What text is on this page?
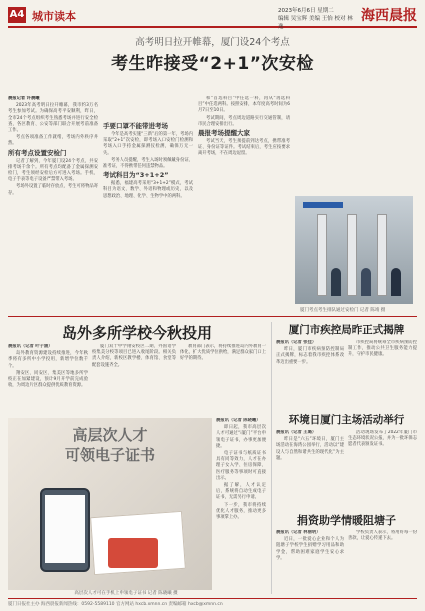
A4 城市读本	2023年6月6日 星期二
编辑 吴宝辉 美编 王怡 校对 林逸
海西晨报
高考明日拉开帷幕，厦门设24个考点
考生昨接受“2+1”次安检

晨报记者 许晨曦

2023年高考明日拉开帷幕，我市约3万名考生参加考试。为确保高考平安顺利，昨日，全市24个考点组织考生熟悉考场并进行安全检查，各区教育、公安等部门联合开展考前准备工作。

考点各项准备工作就绪，考场内外秩序井然。

所有考点设置安检门

记者了解到，今年厦门设24个考点，共安排考场千余个。所有考点均配备了金属探测安检门，考生须经安检后方可进入考场。手机、电子手表等电子设备严禁带入考场。

考场外设置了临时存放点，考生可将物品寄存。

手要口罩不能带进考场

今年是高考实施“三新”后的第一年，考场内采取“2+1”次安检，即考场入口安检门检测和考场入口手持金属探测仪检测，确保万无一失。

考务人员提醒，考生入场时须佩戴身份证、准考证，不得携带任何违禁物品。

考试科目为“3+1+2”

据悉，福建高考采用“3+1+2”模式，考试科目为语文、数学、外语和物理或历史，以及思想政治、地理、化学、生物学中的两科。

和“首选科目”中任选一科，再从“再选科目”中任选两科。按照安排，本年度高考时间为6月7日至10日。

考试期间，考点周边道路实行交通管制，请市民合理安排出行。

晨报考场提醒大家

考试当天，考生须提前到达考点，携带准考证、身份证等证件。考试结束后，考生应按要求离开考场，不在周边逗留。

厦门考点考生排队通过安检门 记者 陈靖 摄
岛外多所学校今秋投用

晨报讯（记者 叶子涵）

岛外教育资源建设持续推进，今年秋季将有多所中小学投用，新增学位数千个。

翔安区、同安区、集美区等地多所学校正在加紧建设，预计9月开学前完成验收，为周边片区群众提供优质教育资源。

厦门双十中学翔安校区二期、外国语学校集美分校等项目已进入收尾阶段。相关负责人介绍，新校区教学楼、体育馆、食堂等配套设施齐全。

教育部门表示，将持续推进岛内外教育一体化，扩大优质学位供给，满足群众家门口上好学的期待。

高层次人才
可领电子证书

晨报讯（记者 陈晓曦）

即日起，我市高层次人才可通过“i厦门”平台申领电子证书，办事更加便捷。

电子证书与纸质证书具有同等效力，人才在办理子女入学、住房保障、医疗服务等事项时可直接出示。

据了解，人才认定后，系统将自动生成电子证书，无需另行申请。

下一步，我市将持续优化人才服务，推动更多事项掌上办。

高层次人才可在手机上申领电子证书 记者 陈晓曦 摄
厦门市疾控局昨正式揭牌

晨报讯（记者 张佳）

昨日，厦门市疾病预防控制局正式揭牌，标志着我市疾控体系改革迈出重要一步。

市疾控局将统筹全市疾病预防控制工作，推动公共卫生服务能力提升，守护市民健康。

环境日厦门主场活动举行

晨报讯（记者 王璐）

昨日是“六五”环境日，厦门主场活动在海湾公园举行，活动以“建设人与自然和谐共生的现代化”为主题。

活动现场发布了2022年厦门市生态环境状况公报，并为一批环保志愿者代表颁发证书。

捐资助学情暖阻塘子

晨报讯（记者 林丽明）

近日，一批爱心企业和个人为阻塘子学校学生捐赠学习用品和助学金，帮助困难家庭学生安心求学。

学校负责人表示，将用好每一份善款，让爱心传递下去。

厦门日报社主办 海西晨报新闻热线：0592-5589110 官方网站 hxcb.xmnn.cn 责编邮箱 hxcb@xmnn.cn
